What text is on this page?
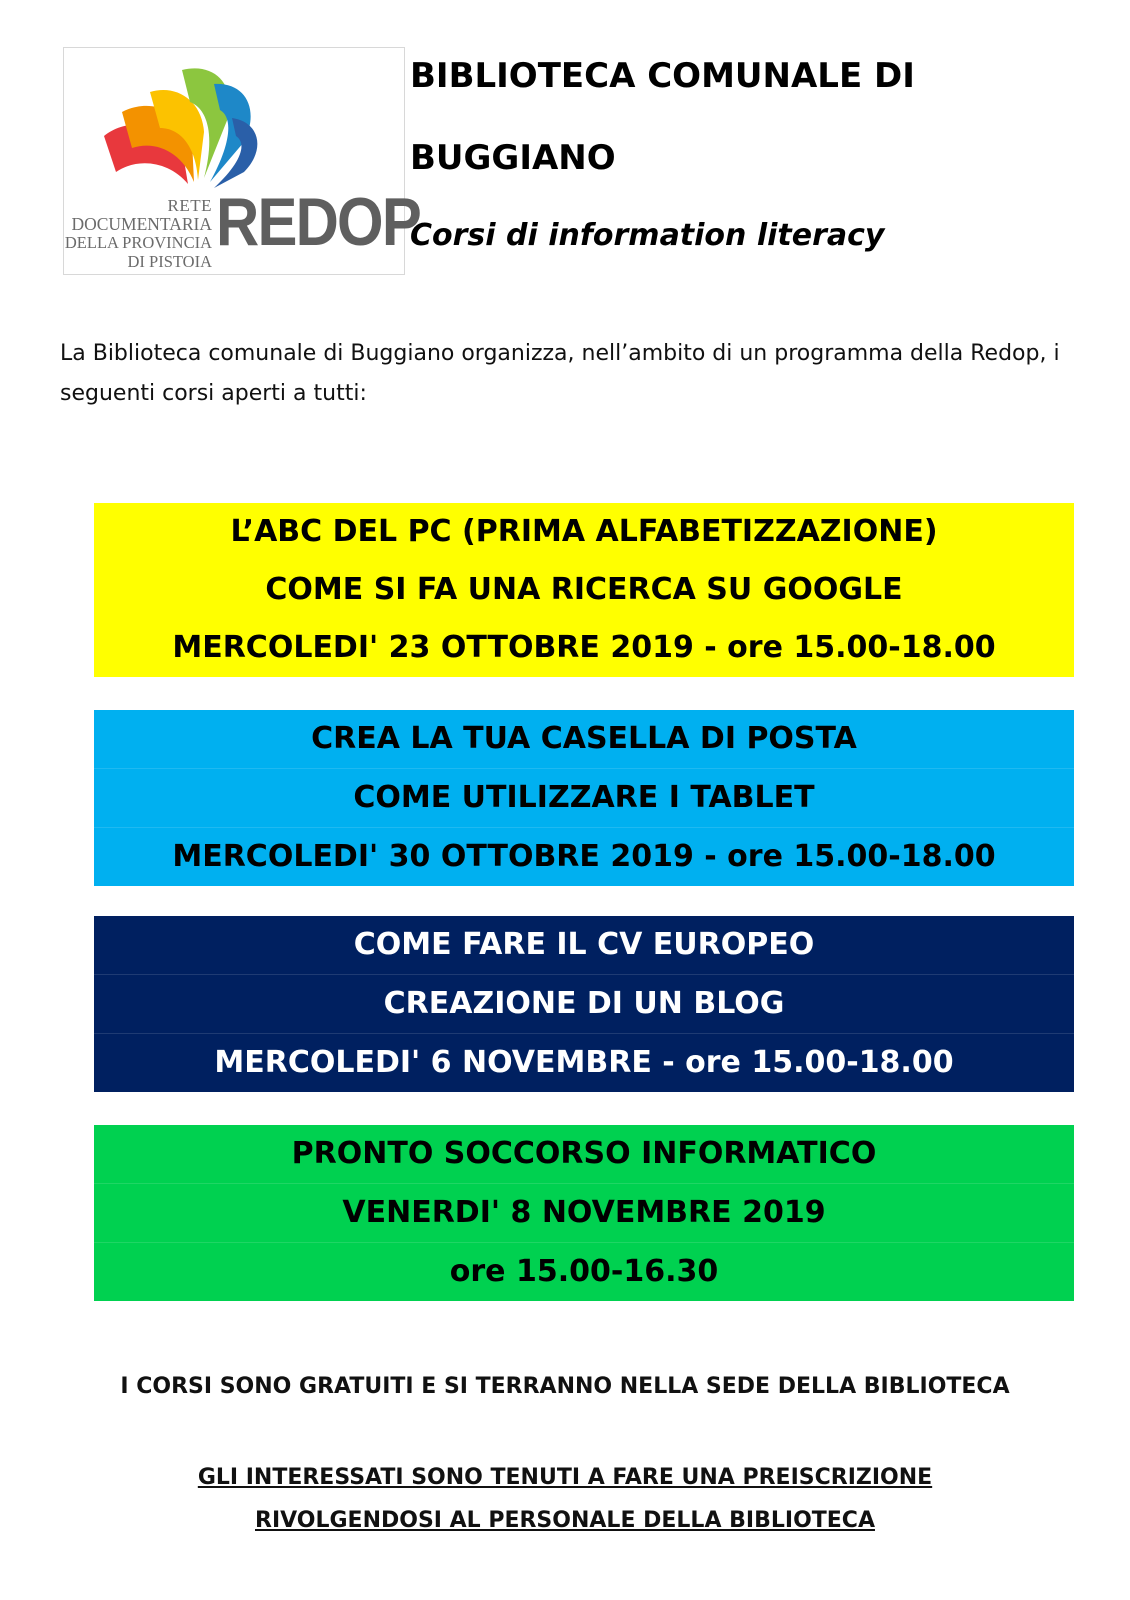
RETE
DOCUMENTARIA
DELLA PROVINCIA
DI PISTOIA
REDOP
BIBLIOTECA COMUNALE DI
BUGGIANO
Corsi di information literacy
La Biblioteca comunale di Buggiano organizza, nell’ambito di un programma della Redop, i seguenti corsi aperti a tutti:
L’ABC DEL PC (PRIMA ALFABETIZZAZIONE)
COME SI FA UNA RICERCA SU GOOGLE
MERCOLEDI' 23 OTTOBRE 2019 - ore 15.00-18.00
CREA LA TUA CASELLA DI POSTA
COME UTILIZZARE I TABLET
MERCOLEDI' 30 OTTOBRE 2019 - ore 15.00-18.00
COME FARE IL CV EUROPEO
CREAZIONE DI UN BLOG
MERCOLEDI' 6 NOVEMBRE - ore 15.00-18.00
PRONTO SOCCORSO INFORMATICO
VENERDI' 8 NOVEMBRE 2019
ore 15.00-16.30
I CORSI SONO GRATUITI E SI TERRANNO NELLA SEDE DELLA BIBLIOTECA
GLI INTERESSATI SONO TENUTI A FARE UNA PREISCRIZIONE
RIVOLGENDOSI AL PERSONALE DELLA BIBLIOTECA
